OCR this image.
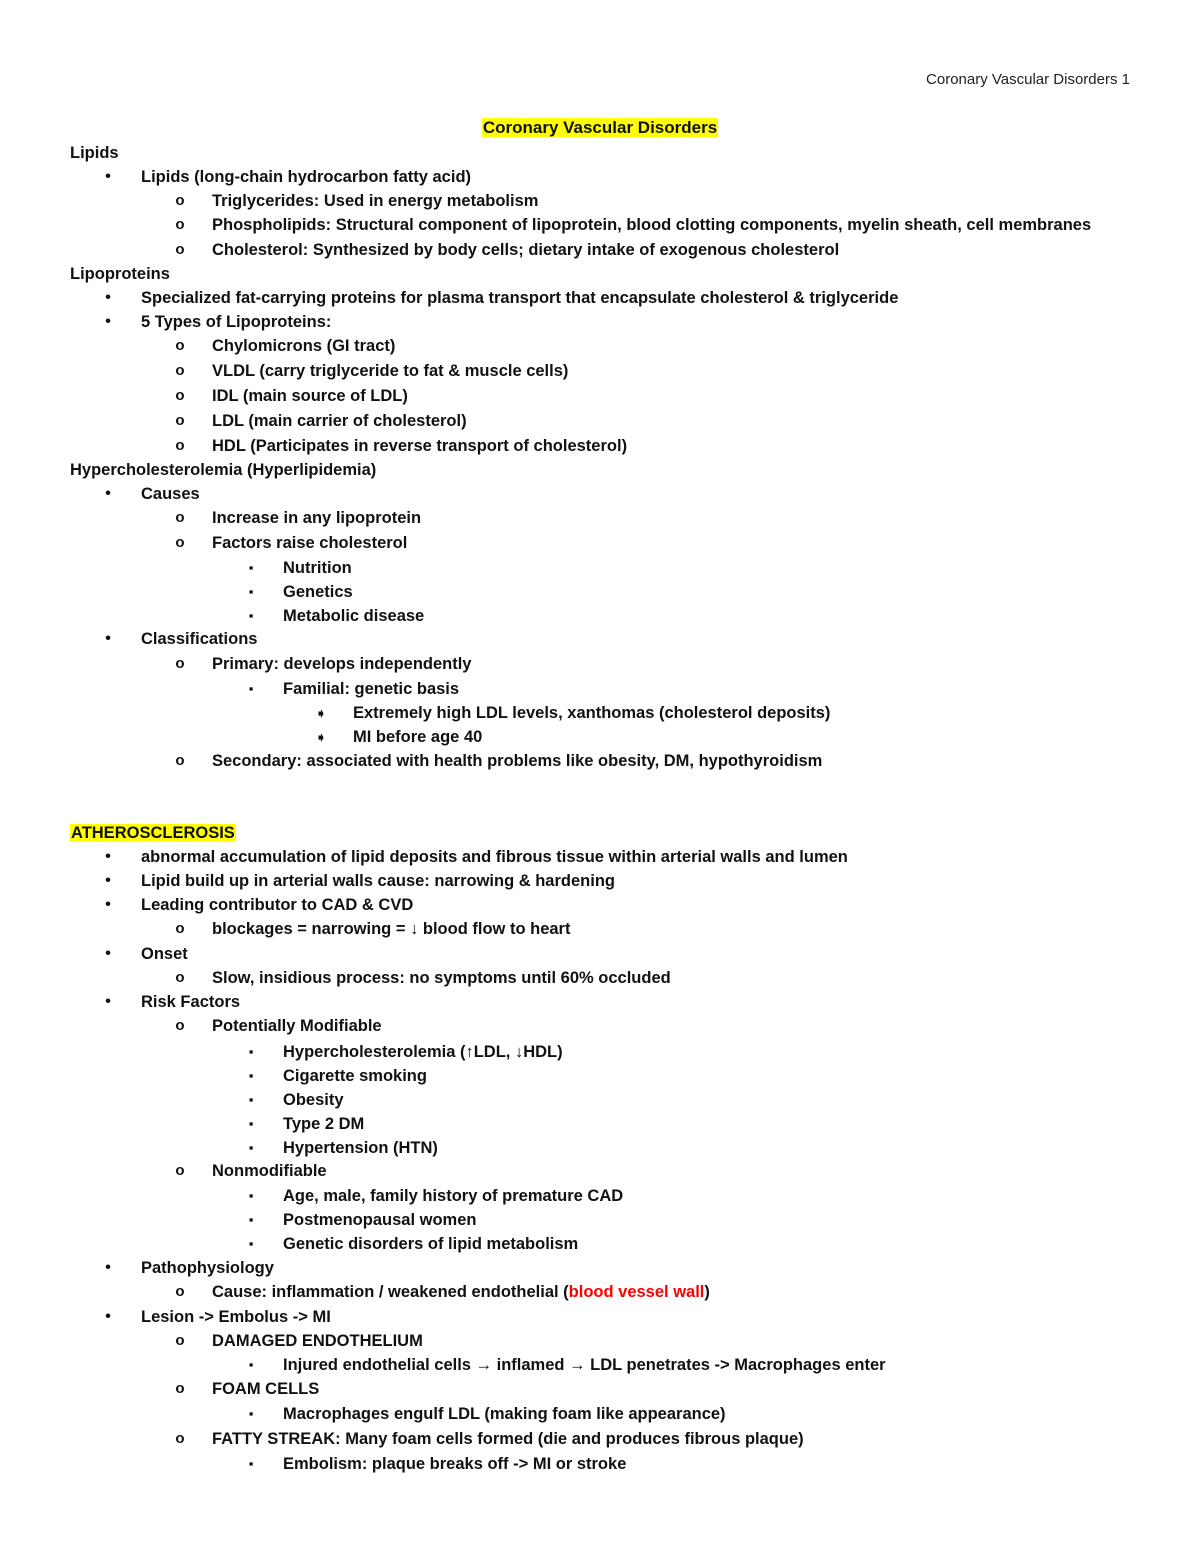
Coronary Vascular Disorders 1
Coronary Vascular Disorders
Lipids
•	Lipids (long-chain hydrocarbon fatty acid)
o Triglycerides: Used in energy metabolism
o Phospholipids: Structural component of lipoprotein, blood clotting components, myelin sheath, cell membranes
o Cholesterol: Synthesized by body cells; dietary intake of exogenous cholesterol
Lipoproteins
•	Specialized fat-carrying proteins for plasma transport that encapsulate cholesterol & triglyceride
•	5 Types of Lipoproteins:
o Chylomicrons (GI tract)
o VLDL (carry triglyceride to fat & muscle cells)
o IDL (main source of LDL)
o LDL (main carrier of cholesterol)
o HDL (Participates in reverse transport of cholesterol)
Hypercholesterolemia (Hyperlipidemia)
•	Causes
o Increase in any lipoprotein
o Factors raise cholesterol
▪	Nutrition
▪	Genetics
▪	Metabolic disease
•	Classifications
o Primary: develops independently
▪	Familial: genetic basis
➧ Extremely high LDL levels, xanthomas (cholesterol deposits)
➧ MI before age 40
o Secondary: associated with health problems like obesity, DM, hypothyroidism
ATHEROSCLEROSIS
•	abnormal accumulation of lipid deposits and fibrous tissue within arterial walls and lumen
•	Lipid build up in arterial walls cause: narrowing & hardening
•	Leading contributor to CAD & CVD
o blockages = narrowing = ↓ blood flow to heart
•	Onset
o Slow, insidious process: no symptoms until 60% occluded
•	Risk Factors
o Potentially Modifiable
▪	Hypercholesterolemia (↑LDL, ↓HDL)
▪	Cigarette smoking
▪	Obesity
▪	Type 2 DM
▪	Hypertension (HTN)
o Nonmodifiable
▪	Age, male, family history of premature CAD
▪	Postmenopausal women
▪	Genetic disorders of lipid metabolism
•	Pathophysiology
o Cause: inflammation / weakened endothelial (blood vessel wall)
•	Lesion -> Embolus -> MI
o DAMAGED ENDOTHELIUM
▪	Injured endothelial cells → inflamed → LDL penetrates -> Macrophages enter
o FOAM CELLS
▪	Macrophages engulf LDL (making foam like appearance)
o FATTY STREAK: Many foam cells formed (die and produces fibrous plaque)
▪	Embolism: plaque breaks off -> MI or stroke
